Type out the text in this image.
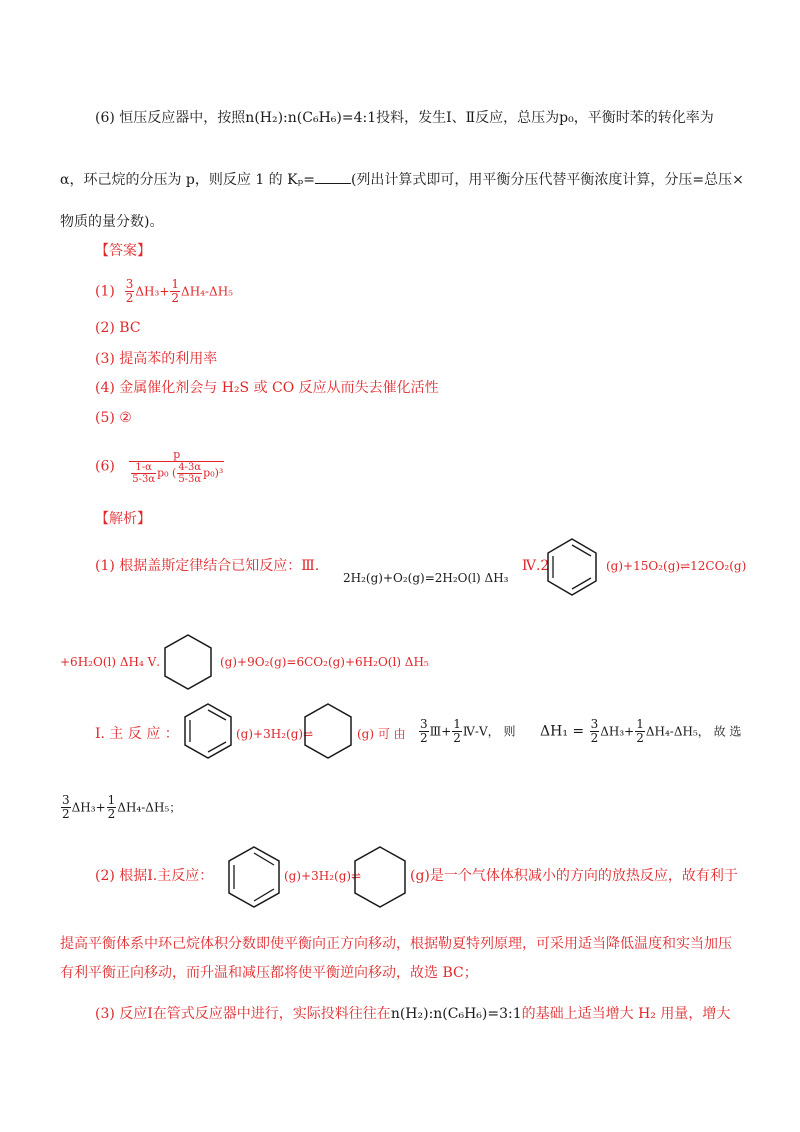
(6) 恒压反应器中，按照n(H₂):n(C₆H₆)=4:1投料，发生Ⅰ、Ⅱ反应，总压为p₀，平衡时苯的转化率为
α，环己烷的分压为 p，则反应 1 的 Kₚ=	(列出计算式即可，用平衡分压代替平衡浓度计算，分压=总压×
物质的量分数)。
【答案】
$(1) \frac{3}{2} \Delta H_3+ \frac{1}{2} \Delta H_4-\Delta H_5$
(2) BC
(3) 提高苯的利用率
(4) 金属催化剂会与 H₂S 或 CO 反应从而失去催化活性
(5) ②
$(6) \frac{p}{\frac{1-\alpha}{5-3\alpha} p_0 ( \frac{4-3\alpha}{5-3\alpha} p_0)^3}$
【解析】
(1) 根据盖斯定律结合已知反应：Ⅲ.
2H₂(g)+O₂(g)=2H₂O(l) ΔH₃
Ⅳ.2	(g)+15O₂(g)⇌12CO₂(g)
+6H₂O(l) ΔH₄ Ⅴ.	(g)+9O₂(g)=6CO₂(g)+6H₂O(l) ΔH₅
Ⅰ. 主 反 应 ：	(g)+3H₂(g)⇌	(g) 可 由 $\frac{3}{2}$ Ⅲ+ $\frac{1}{2}$ Ⅳ-Ⅴ， 则 $\Delta H_1 = \frac{3}{2} \Delta H_3+ \frac{1}{2} \Delta H_4-\Delta H_5$， 故 选
$\frac{3}{2} \Delta H_3+ \frac{1}{2} \Delta H_4-\Delta H_5$；
(2) 根据Ⅰ.主反应：	(g)+3H₂(g)⇌	(g)是一个气体体积减小的方向的放热反应，故有利于
提高平衡体系中环己烷体积分数即使平衡向正方向移动，根据勒夏特列原理，可采用适当降低温度和实当加压
有利平衡正向移动，而升温和减压都将使平衡逆向移动，故选 BC；
(3) 反应Ⅰ在管式反应器中进行，实际投料往往在n(H₂):n(C₆H₆)=3:1的基础上适当增大 H₂ 用量，增大
